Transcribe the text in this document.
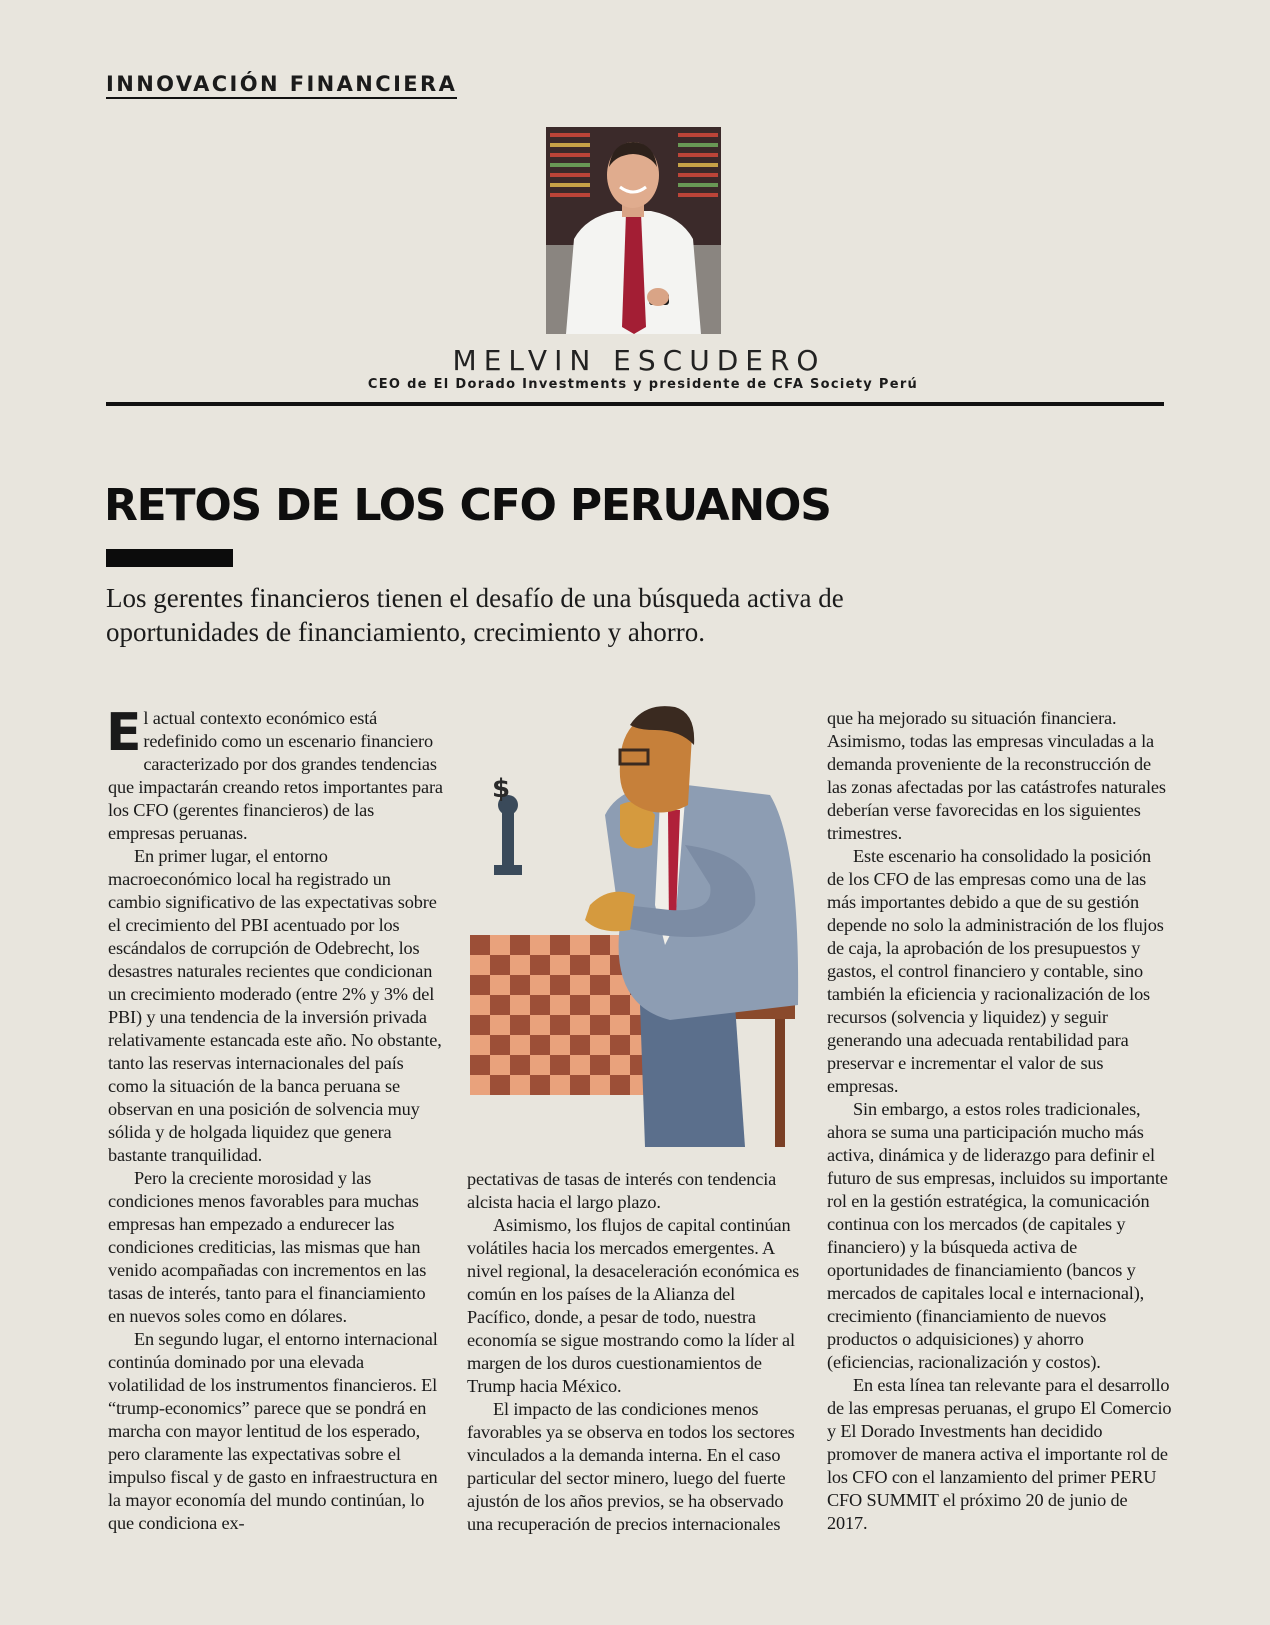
INNOVACIÓN FINANCIERA
MELVIN ESCUDERO
CEO de El Dorado Investments y presidente de CFA Society Perú
RETOS DE LOS CFO PERUANOS

Los gerentes financieros tienen el desafío de una búsqueda activa de oportunidades de financiamiento, crecimiento y ahorro.

El actual contexto económico está redefinido como un escenario financiero caracterizado por dos grandes tendencias que impactarán creando retos importantes para los CFO (gerentes financieros) de las empresas peruanas.

En primer lugar, el entorno macroeconómico local ha registrado un cambio significativo de las expectativas sobre el crecimiento del PBI acentuado por los escándalos de corrupción de Odebrecht, los desastres naturales recientes que condicionan un crecimiento moderado (entre 2% y 3% del PBI) y una tendencia de la inversión privada relativamente estancada este año. No obstante, tanto las reservas internacionales del país como la situación de la banca peruana se observan en una posición de solvencia muy sólida y de holgada liquidez que genera bastante tranquilidad.

Pero la creciente morosidad y las condiciones menos favorables para muchas empresas han empezado a endurecer las condiciones crediticias, las mismas que han venido acompañadas con incrementos en las tasas de interés, tanto para el financiamiento en nuevos soles como en dólares.

En segundo lugar, el entorno internacional continúa dominado por una elevada volatilidad de los instrumentos financieros. El “trump-economics” parece que se pondrá en marcha con mayor lentitud de los esperado, pero claramente las expectativas sobre el impulso fiscal y de gasto en infraestructura en la mayor economía del mundo continúan, lo que condiciona ex-

$

pectativas de tasas de interés con tendencia alcista hacia el largo plazo.

Asimismo, los flujos de capital continúan volátiles hacia los mercados emergentes. A nivel regional, la desaceleración económica es común en los países de la Alianza del Pacífico, donde, a pesar de todo, nuestra economía se sigue mostrando como la líder al margen de los duros cuestionamientos de Trump hacia México.

El impacto de las condiciones menos favorables ya se observa en todos los sectores vinculados a la demanda interna. En el caso particular del sector minero, luego del fuerte ajustón de los años previos, se ha observado una recuperación de precios internacionales

que ha mejorado su situación financiera. Asimismo, todas las empresas vinculadas a la demanda proveniente de la reconstrucción de las zonas afectadas por las catástrofes naturales deberían verse favorecidas en los siguientes trimestres.

Este escenario ha consolidado la posición de los CFO de las empresas como una de las más importantes debido a que de su gestión depende no solo la administración de los flujos de caja, la aprobación de los presupuestos y gastos, el control financiero y contable, sino también la eficiencia y racionalización de los recursos (solvencia y liquidez) y seguir generando una adecuada rentabilidad para preservar e incrementar el valor de sus empresas.

Sin embargo, a estos roles tradicionales, ahora se suma una participación mucho más activa, dinámica y de liderazgo para definir el futuro de sus empresas, incluidos su importante rol en la gestión estratégica, la comunicación continua con los mercados (de capitales y financiero) y la búsqueda activa de oportunidades de financiamiento (bancos y mercados de capitales local e internacional), crecimiento (financiamiento de nuevos productos o adquisiciones) y ahorro (eficiencias, racionalización y costos).

En esta línea tan relevante para el desarrollo de las empresas peruanas, el grupo El Comercio y El Dorado Investments han decidido promover de manera activa el importante rol de los CFO con el lanzamiento del primer PERU CFO SUMMIT el próximo 20 de junio de 2017.
